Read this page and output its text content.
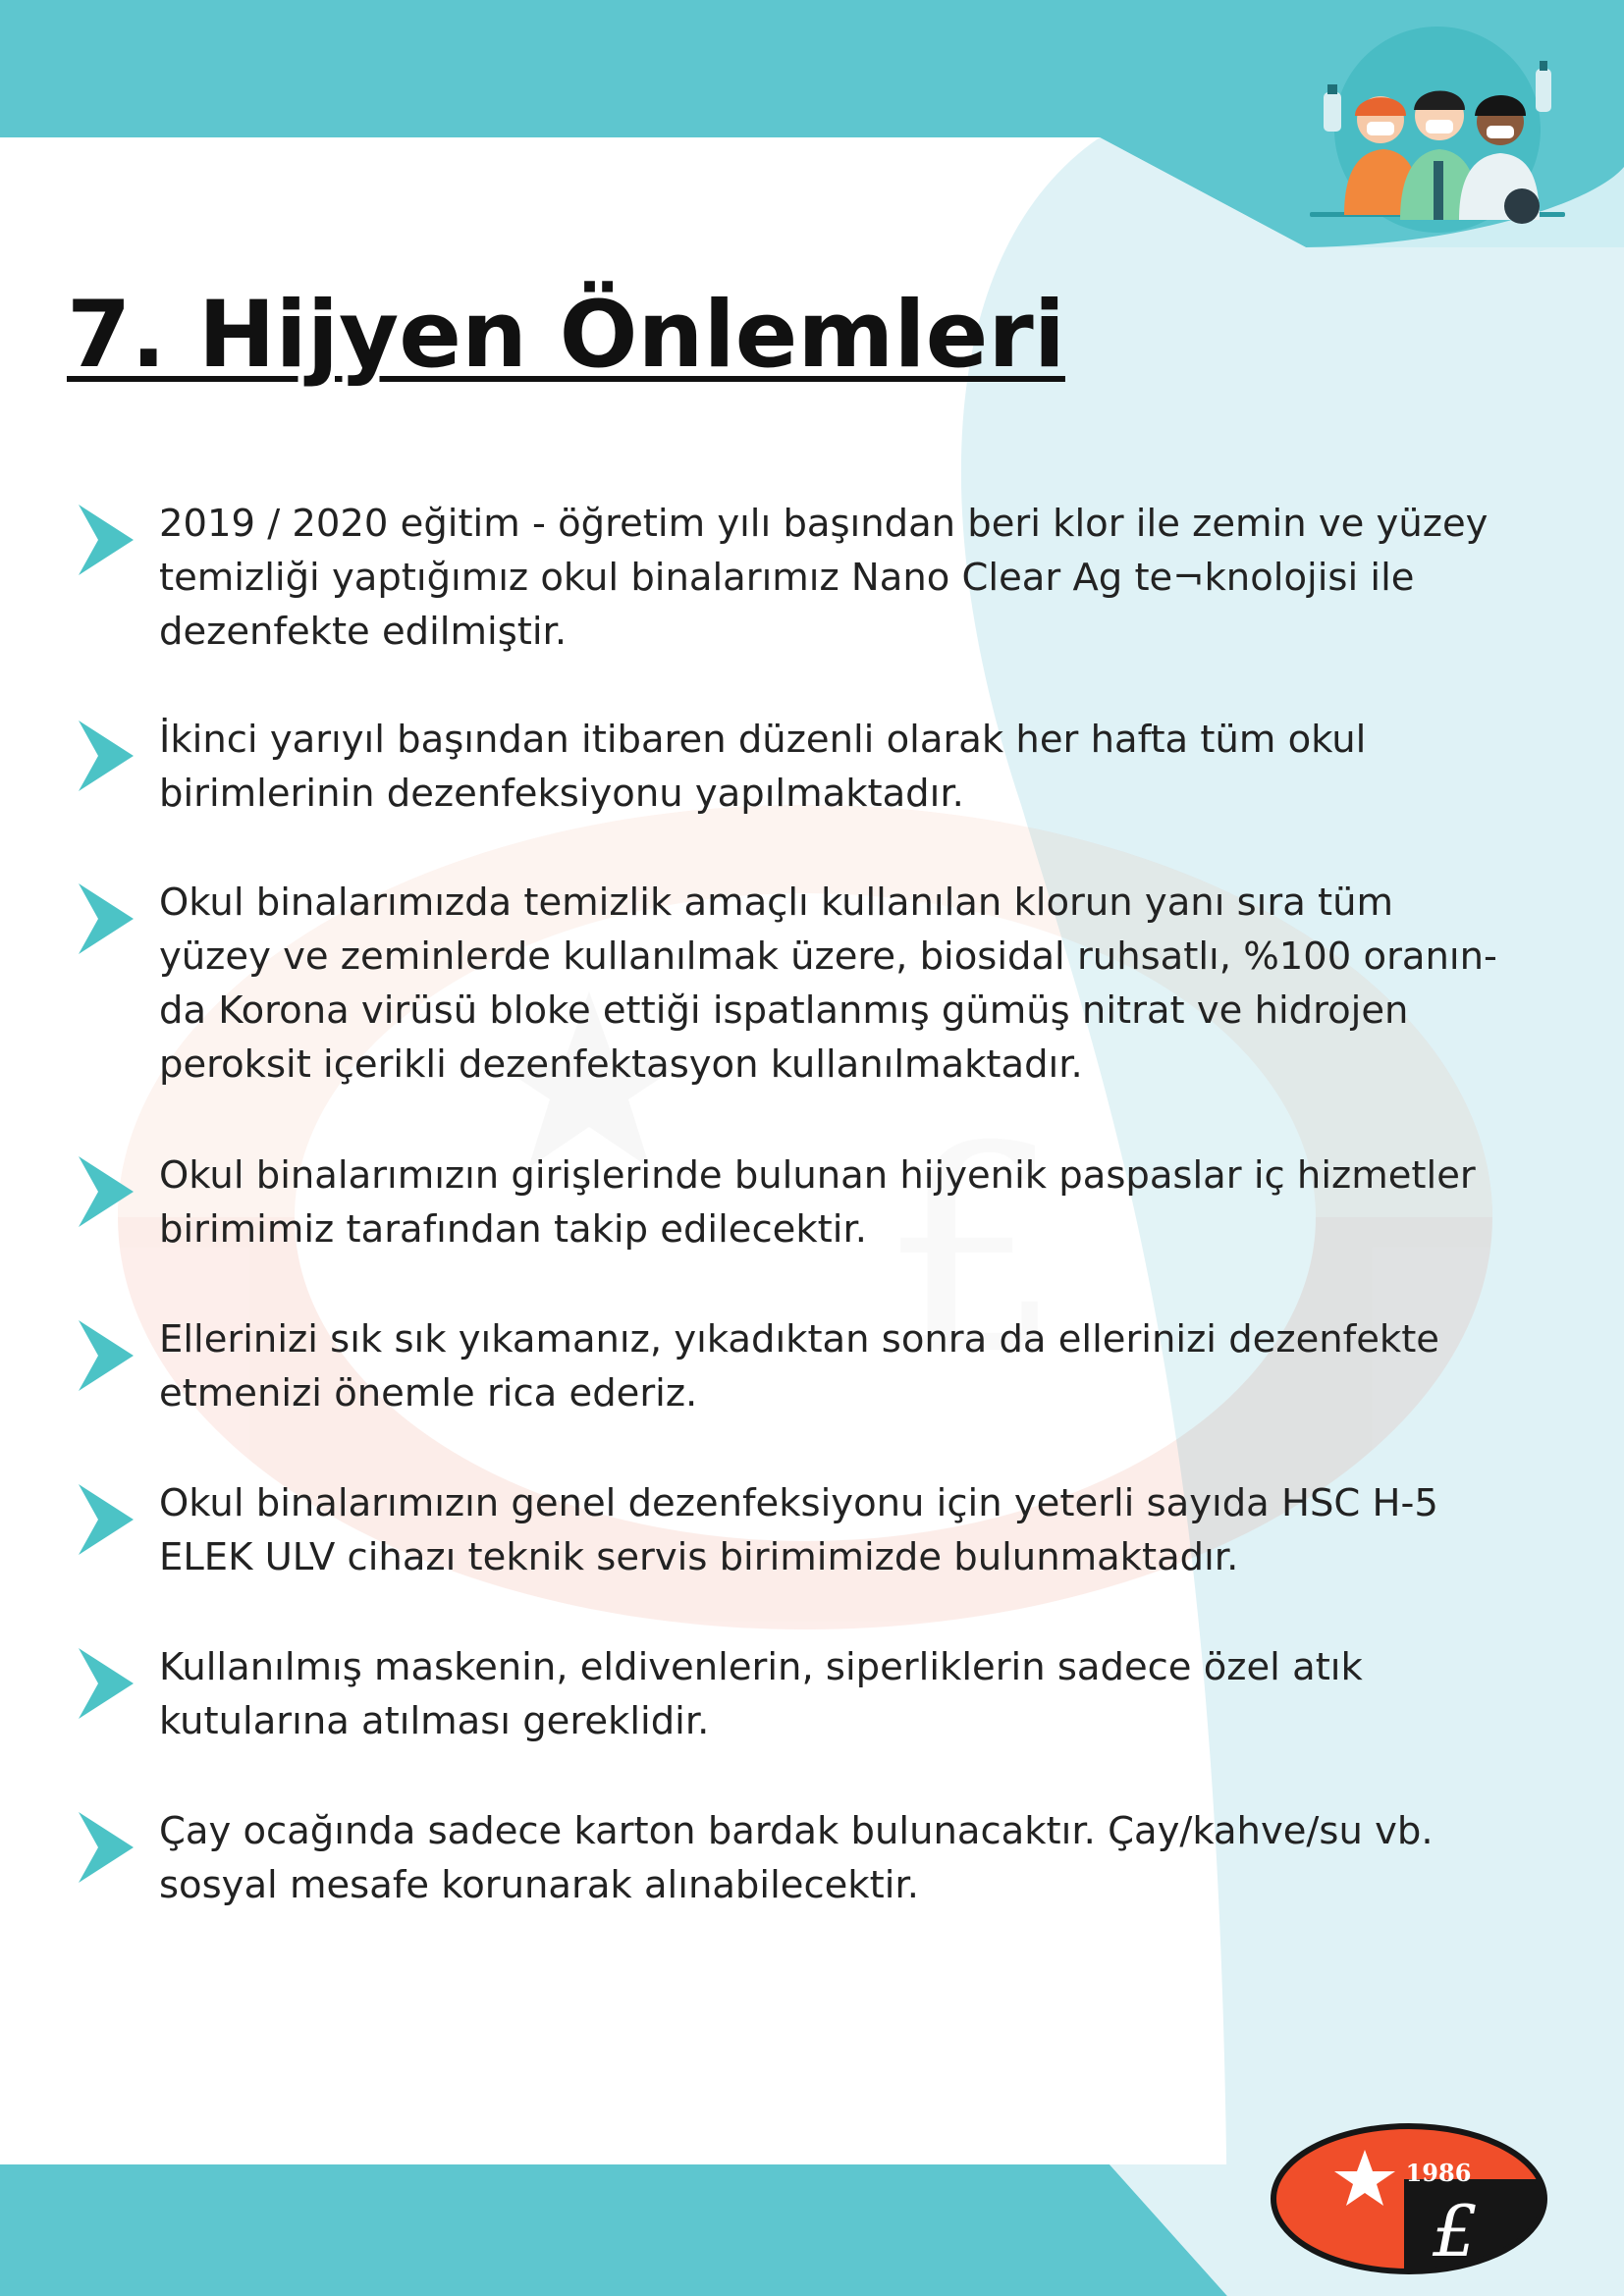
£
7. Hijyen Önlemleri

2019 / 2020 eğitim - öğretim yılı başından beri klor ile zemin ve yüzey
temizliği yaptığımız okul binalarımız Nano Clear Ag te¬knolojisi ile
dezenfekte edilmiştir.

İkinci yarıyıl başından itibaren düzenli olarak her hafta tüm okul
birimlerinin dezenfeksiyonu yapılmaktadır.

Okul binalarımızda temizlik amaçlı kullanılan klorun yanı sıra tüm
yüzey ve zeminlerde kullanılmak üzere, biosidal ruhsatlı, %100 oranın-
da Korona virüsü bloke ettiği ispatlanmış gümüş nitrat ve hidrojen
peroksit içerikli dezenfektasyon kullanılmaktadır.

Okul binalarımızın girişlerinde bulunan hijyenik paspaslar iç hizmetler
birimimiz tarafından takip edilecektir.

Ellerinizi sık sık yıkamanız, yıkadıktan sonra da ellerinizi dezenfekte
etmenizi önemle rica ederiz.

Okul binalarımızın genel dezenfeksiyonu için yeterli sayıda HSC H-5
ELEK ULV cihazı teknik servis birimimizde bulunmaktadır.

Kullanılmış maskenin, eldivenlerin, siperliklerin sadece özel atık
kutularına atılması gereklidir.

Çay ocağında sadece karton bardak bulunacaktır. Çay/kahve/su vb.
sosyal mesafe korunarak alınabilecektir.

1986
£
